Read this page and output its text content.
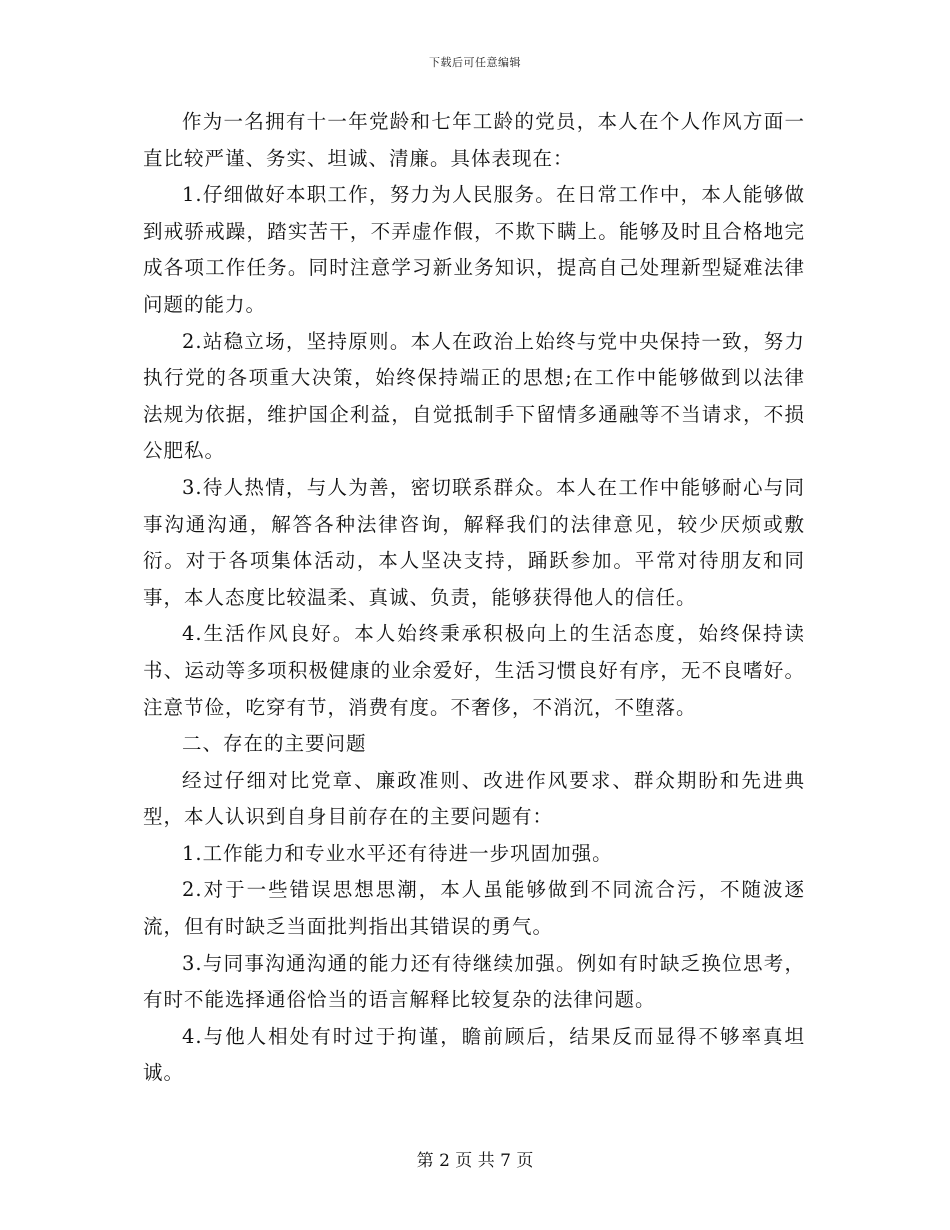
下载后可任意编辑

作为一名拥有十一年党龄和七年工龄的党员，本人在个人作风方面一直比较严谨、务实、坦诚、清廉。具体表现在：

1.仔细做好本职工作，努力为人民服务。在日常工作中，本人能够做到戒骄戒躁，踏实苦干，不弄虚作假，不欺下瞒上。能够及时且合格地完成各项工作任务。同时注意学习新业务知识，提高自己处理新型疑难法律问题的能力。

2.站稳立场，坚持原则。本人在政治上始终与党中央保持一致，努力执行党的各项重大决策，始终保持端正的思想;在工作中能够做到以法律法规为依据，维护国企利益，自觉抵制手下留情多通融等不当请求，不损公肥私。

3.待人热情，与人为善，密切联系群众。本人在工作中能够耐心与同事沟通沟通，解答各种法律咨询，解释我们的法律意见，较少厌烦或敷衍。对于各项集体活动，本人坚决支持，踊跃参加。平常对待朋友和同事，本人态度比较温柔、真诚、负责，能够获得他人的信任。

4.生活作风良好。本人始终秉承积极向上的生活态度，始终保持读书、运动等多项积极健康的业余爱好，生活习惯良好有序，无不良嗜好。注意节俭，吃穿有节，消费有度。不奢侈，不消沉，不堕落。

二、存在的主要问题

经过仔细对比党章、廉政准则、改进作风要求、群众期盼和先进典型，本人认识到自身目前存在的主要问题有：

1.工作能力和专业水平还有待进一步巩固加强。

2.对于一些错误思想思潮，本人虽能够做到不同流合污，不随波逐流，但有时缺乏当面批判指出其错误的勇气。

3.与同事沟通沟通的能力还有待继续加强。例如有时缺乏换位思考，有时不能选择通俗恰当的语言解释比较复杂的法律问题。

4.与他人相处有时过于拘谨，瞻前顾后，结果反而显得不够率真坦诚。

第 2 页 共 7 页
